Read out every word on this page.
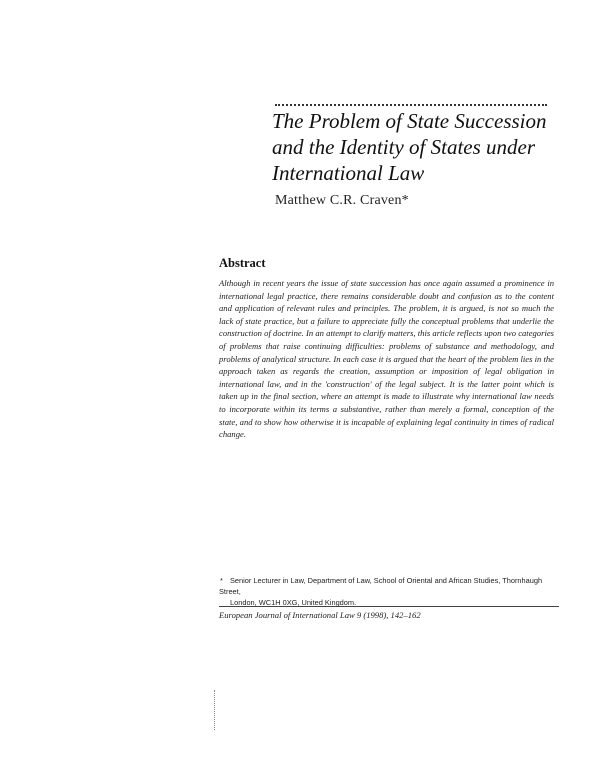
The Problem of State Succession and the Identity of States under International Law

Matthew C.R. Craven*

Abstract

Although in recent years the issue of state succession has once again assumed a prominence in international legal practice, there remains considerable doubt and confusion as to the content and application of relevant rules and principles. The problem, it is argued, is not so much the lack of state practice, but a failure to appreciate fully the conceptual problems that underlie the construction of doctrine. In an attempt to clarify matters, this article reflects upon two categories of problems that raise continuing difficulties: problems of substance and methodology, and problems of analytical structure. In each case it is argued that the heart of the problem lies in the approach taken as regards the creation, assumption or imposition of legal obligation in international law, and in the 'construction' of the legal subject. It is the latter point which is taken up in the final section, where an attempt is made to illustrate why international law needs to incorporate within its terms a substantive, rather than merely a formal, conception of the state, and to show how otherwise it is incapable of explaining legal continuity in times of radical change.

* Senior Lecturer in Law, Department of Law, School of Oriental and African Studies, Thornhaugh Street,
London, WC1H 0XG, United Kingdom.

European Journal of International Law 9 (1998), 142–162
